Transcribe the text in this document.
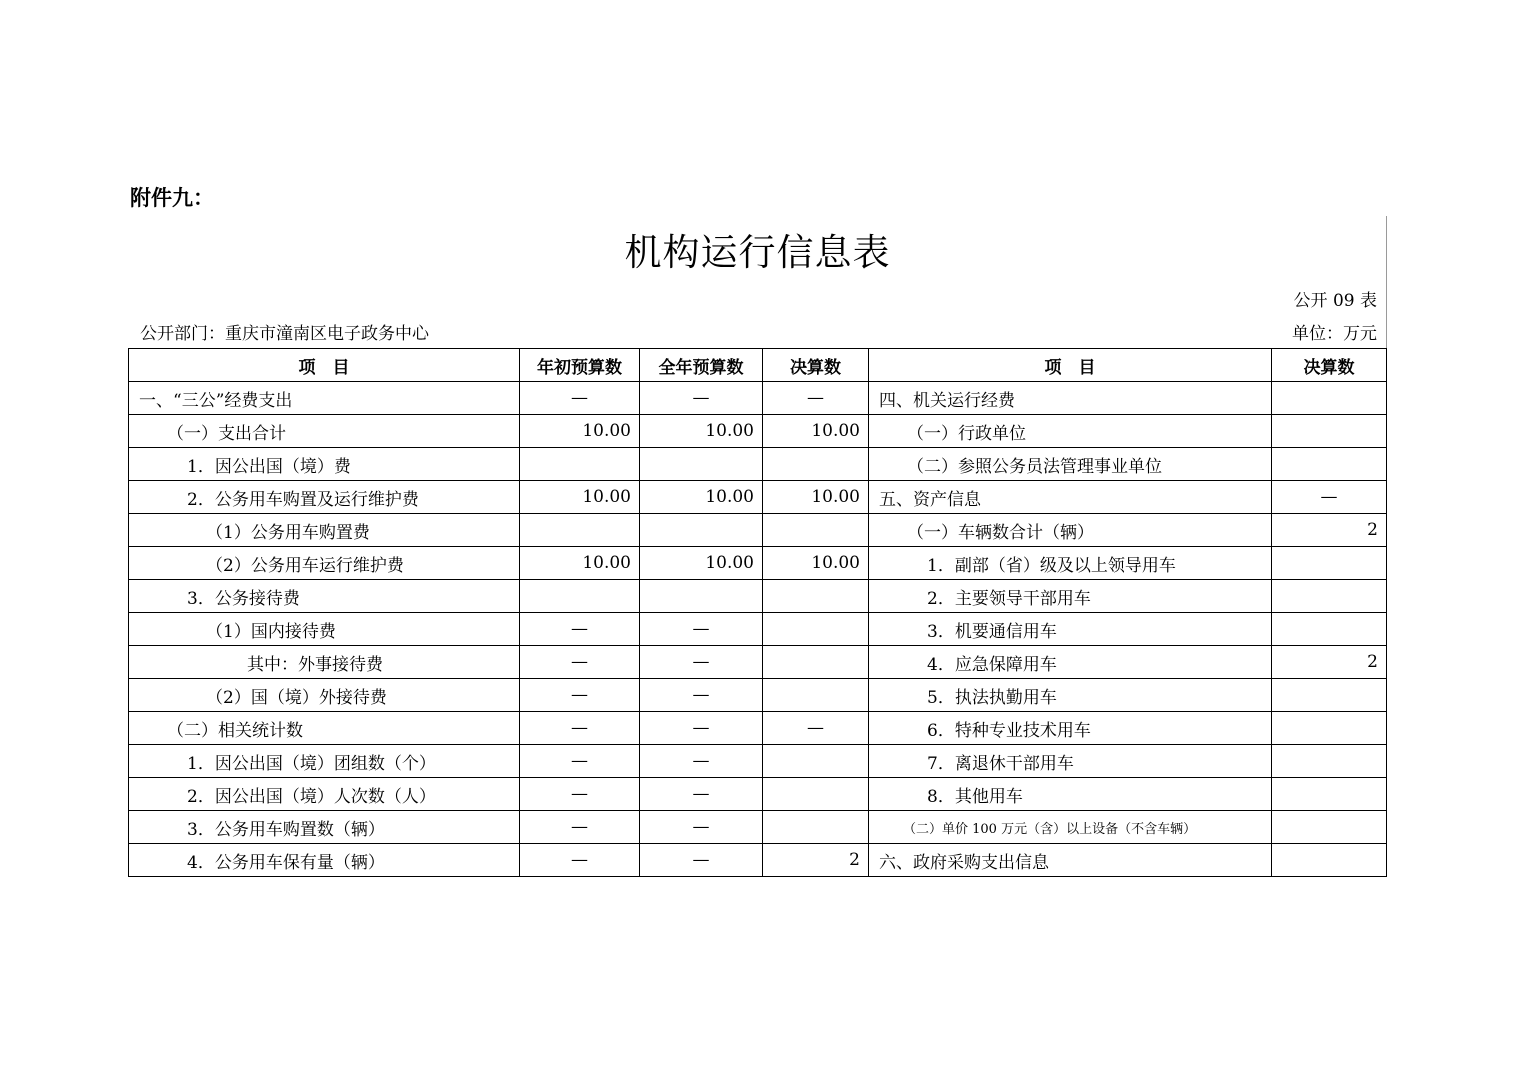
附件九：
机构运行信息表
公开 09 表
公开部门：重庆市潼南区电子政务中心	单位：万元
项　目	年初预算数	全年预算数	决算数	项　目	决算数
一、“三公”经费支出	—	—	—	四、机关运行经费	
（一）支出合计	10.00	10.00	10.00	（一）行政单位	
1．因公出国（境）费				（二）参照公务员法管理事业单位	
2．公务用车购置及运行维护费	10.00	10.00	10.00	五、资产信息	—
（1）公务用车购置费				（一）车辆数合计（辆）	2
（2）公务用车运行维护费	10.00	10.00	10.00	1．副部（省）级及以上领导用车	
3．公务接待费				2．主要领导干部用车	
（1）国内接待费	—	—		3．机要通信用车	
其中：外事接待费	—	—		4．应急保障用车	2
（2）国（境）外接待费	—	—		5．执法执勤用车	
（二）相关统计数	—	—	—	6．特种专业技术用车	
1．因公出国（境）团组数（个）	—	—		7．离退休干部用车	
2．因公出国（境）人次数（人）	—	—		8．其他用车	
3．公务用车购置数（辆）	—	—		（二）单价 100 万元（含）以上设备（不含车辆）	
4．公务用车保有量（辆）	—	—	2	六、政府采购支出信息	
